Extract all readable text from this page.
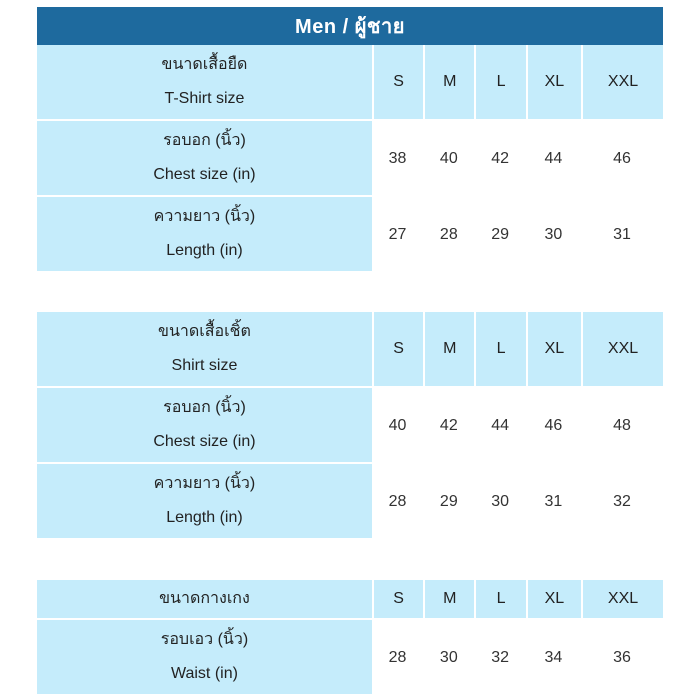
Men / ผู้ชาย
ขนาดเสื้อยืด
T-Shirt size	S	M	L	XL	XXL

รอบอก (นิ้ว)
Chest size (in)	38	40	42	44	46

ความยาว (นิ้ว)
Length (in)	27	28	29	30	31
ขนาดเสื้อเชิ้ต
Shirt size	S	M	L	XL	XXL

รอบอก (นิ้ว)
Chest size (in)	40	42	44	46	48

ความยาว (นิ้ว)
Length (in)	28	29	30	31	32
ขนาดกางเกง	S	M	L	XL	XXL

รอบเอว (นิ้ว)
Waist (in)	28	30	32	34	36
